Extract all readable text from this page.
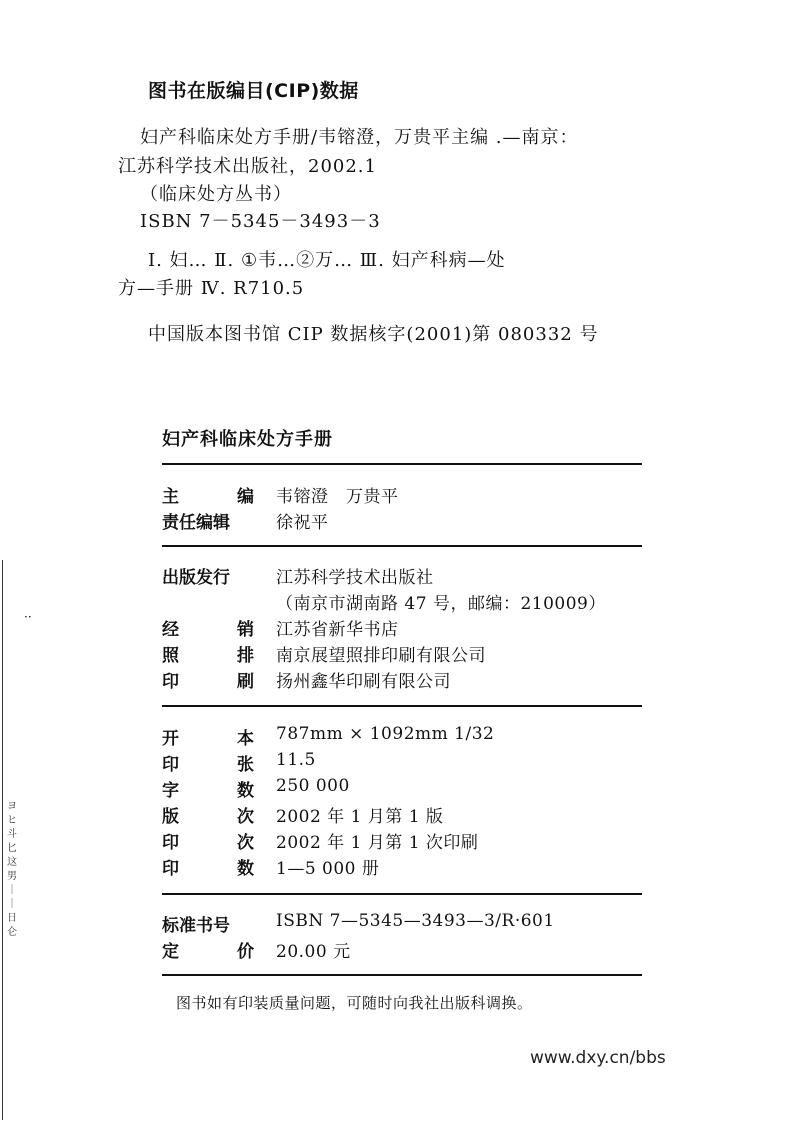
··
ヨヒ 斗 匕 这 男 ｜ ｜ 日 仑
图书在版编目(CIP)数据
妇产科临床处方手册/韦镕澄，万贵平主编 .—南京：
江苏科学技术出版社，2002.1
（临床处方丛书）
ISBN 7－5345－3493－3
Ⅰ. 妇… Ⅱ. ①韦…②万… Ⅲ. 妇产科病—处
方—手册 Ⅳ. R710.5
中国版本图书馆 CIP 数据核字(2001)第 080332 号
妇产科临床处方手册
主	编 韦镕澄　万贵平
责任编辑	徐祝平
出版发行	江苏科学技术出版社
（南京市湖南路 47 号，邮编：210009）
经	销 江苏省新华书店
照	排 南京展望照排印刷有限公司
印	刷 扬州鑫华印刷有限公司
开	本 787mm × 1092mm 1/32
印	张 11.5
字	数 250 000
版	次 2002 年 1 月第 1 版
印	次 2002 年 1 月第 1 次印刷
印	数 1—5 000 册
标准书号	ISBN 7—5345—3493—3/R·601
定	价 20.00 元
图书如有印装质量问题，可随时向我社出版科调换。
www.dxy.cn/bbs
